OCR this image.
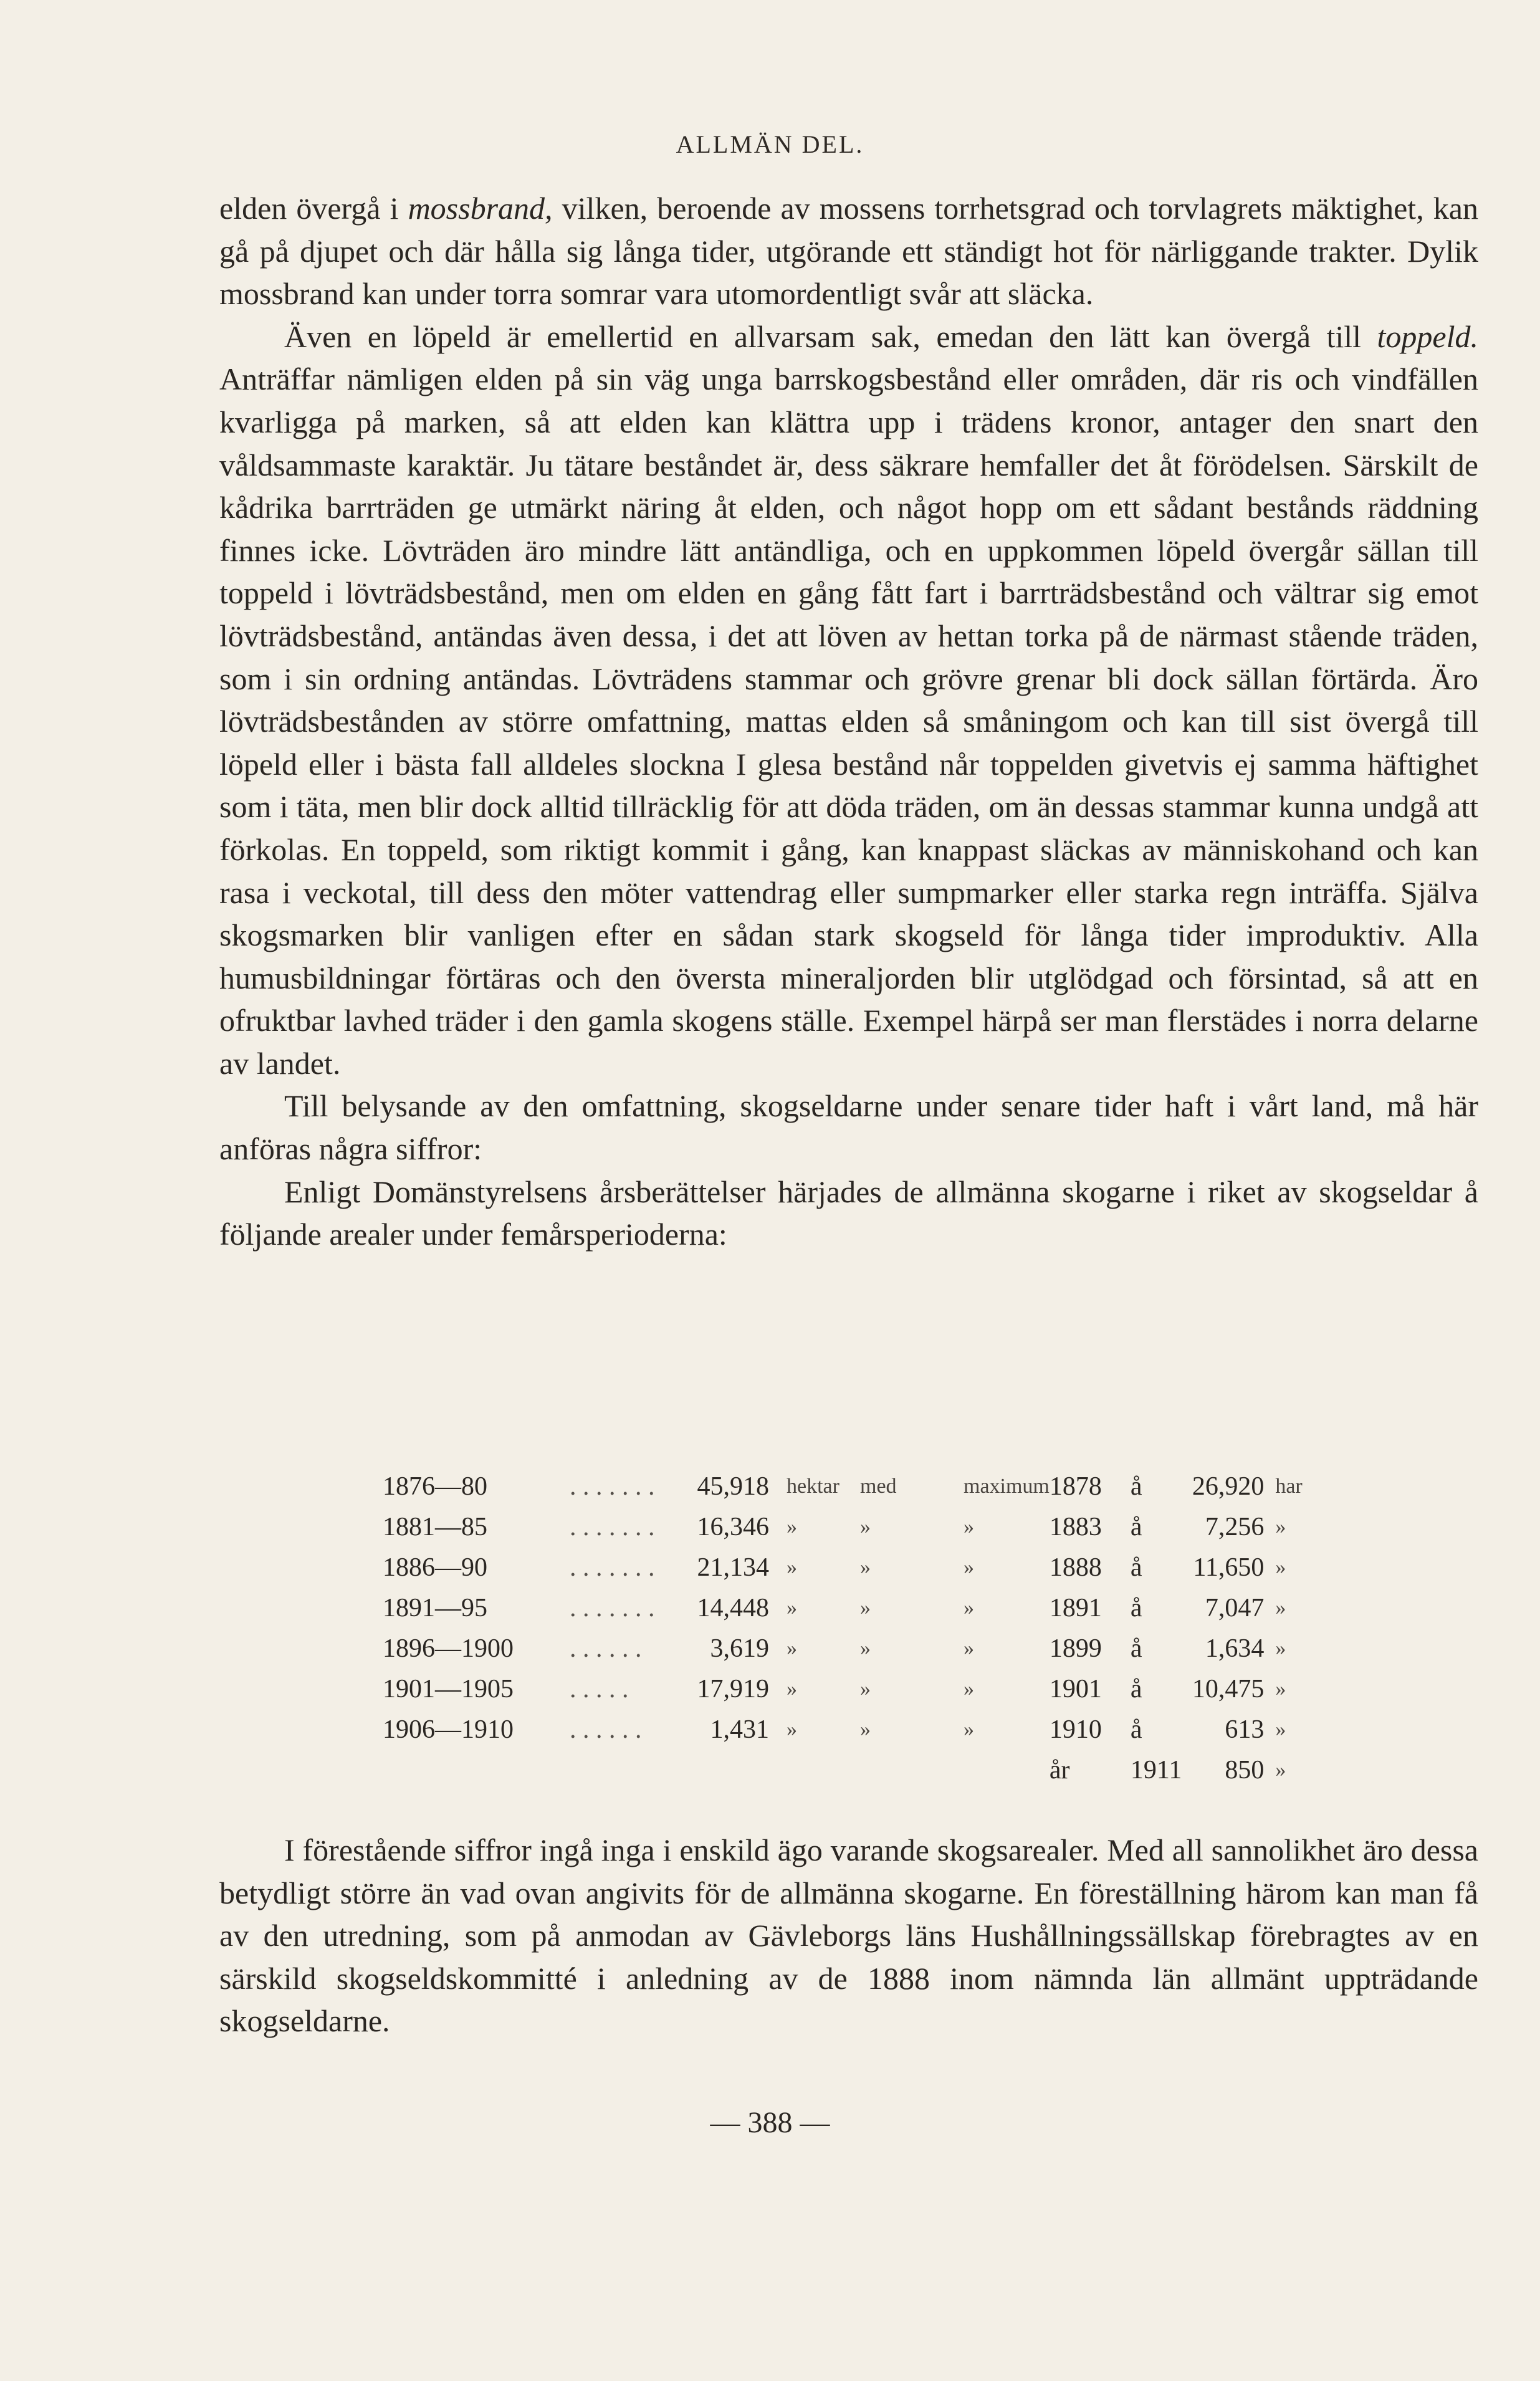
ALLMÄN DEL.

elden övergå i mossbrand, vilken, beroende av mossens torrhetsgrad och torvlagrets mäktighet, kan gå på djupet och där hålla sig långa tider, utgörande ett ständigt hot för närliggande trakter. Dylik mossbrand kan under torra somrar vara utomordentligt svår att släcka.

Även en löpeld är emellertid en allvarsam sak, emedan den lätt kan övergå till toppeld. Anträffar nämligen elden på sin väg unga barrskogsbestånd eller områden, där ris och vindfällen kvarligga på marken, så att elden kan klättra upp i trädens kronor, antager den snart den våldsammaste karaktär. Ju tätare beståndet är, dess säkrare hemfaller det åt förödelsen. Särskilt de kådrika barrträden ge utmärkt näring åt elden, och något hopp om ett sådant bestånds räddning finnes icke. Lövträden äro mindre lätt antändliga, och en uppkommen löpeld övergår sällan till toppeld i lövträdsbestånd, men om elden en gång fått fart i barrträdsbestånd och vältrar sig emot lövträdsbestånd, antändas även dessa, i det att löven av hettan torka på de närmast stående träden, som i sin ordning antändas. Lövträdens stammar och grövre grenar bli dock sällan förtärda. Äro lövträdsbestånden av större omfattning, mattas elden så småningom och kan till sist övergå till löpeld eller i bästa fall alldeles slockna I glesa bestånd når toppelden givetvis ej samma häftighet som i täta, men blir dock alltid tillräcklig för att döda träden, om än dessas stammar kunna undgå att förkolas. En toppeld, som riktigt kommit i gång, kan knappast släckas av människohand och kan rasa i veckotal, till dess den möter vattendrag eller sumpmarker eller starka regn inträffa. Själva skogsmarken blir vanligen efter en sådan stark skogseld för långa tider improduktiv. Alla humusbildningar förtäras och den översta mineraljorden blir utglödgad och försintad, så att en ofruktbar lavhed träder i den gamla skogens ställe. Exempel härpå ser man flerstädes i norra delarne av landet.

Till belysande av den omfattning, skogseldarne under senare tider haft i vårt land, må här anföras några siffror:

Enligt Domänstyrelsens årsberättelser härjades de allmänna skogarne i riket av skogseldar å följande arealer under femårsperioderna:

1876—80	. . . . . . .	45,918	hektar	med	maximum	1878	å	26,920	har
1881—85	. . . . . . .	16,346	»	»	»	1883	å	7,256	»
1886—90	. . . . . . .	21,134	»	»	»	1888	å	11,650	»
1891—95	. . . . . . .	14,448	»	»	»	1891	å	7,047	»
1896—1900	. . . . . .	3,619	»	»	»	1899	å	1,634	»
1901—1905	. . . . .	17,919	»	»	»	1901	å	10,475	»
1906—1910	. . . . . .	1,431	»	»	»	1910	å	613	»
						år	1911	850	»

I förestående siffror ingå inga i enskild ägo varande skogsarealer. Med all sannolikhet äro dessa betydligt större än vad ovan angivits för de allmänna skogarne. En föreställning härom kan man få av den utredning, som på anmodan av Gävleborgs läns Hushållningssällskap förebragtes av en särskild skogseldskommitté i anledning av de 1888 inom nämnda län allmänt uppträdande skogseldarne.

— 388 —
